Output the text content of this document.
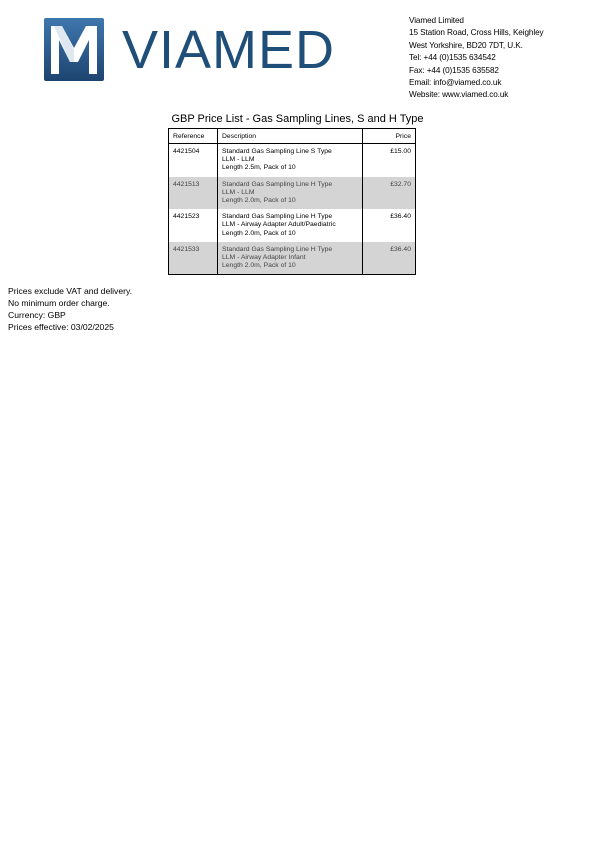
VIAMED	Viamed Limited
15 Station Road, Cross Hills, Keighley
West Yorkshire, BD20 7DT, U.K.
Tel: +44 (0)1535 634542
Fax: +44 (0)1535 635582
Email: info@viamed.co.uk
Website: www.viamed.co.uk
GBP Price List - Gas Sampling Lines, S and H Type
Reference	Description	Price
4421504	Standard Gas Sampling Line S Type
LLM - LLM
Length 2.5m, Pack of 10	£15.00
4421513	Standard Gas Sampling Line H Type
LLM - LLM
Length 2.0m, Pack of 10	£32.70
4421523	Standard Gas Sampling Line H Type
LLM - Airway Adapter Adult/Paediatric
Length 2.0m, Pack of 10	£36.40
4421533	Standard Gas Sampling Line H Type
LLM - Airway Adapter Infant
Length 2.0m, Pack of 10	£36.40
Prices exclude VAT and delivery.
No minimum order charge.
Currency: GBP
Prices effective: 03/02/2025
